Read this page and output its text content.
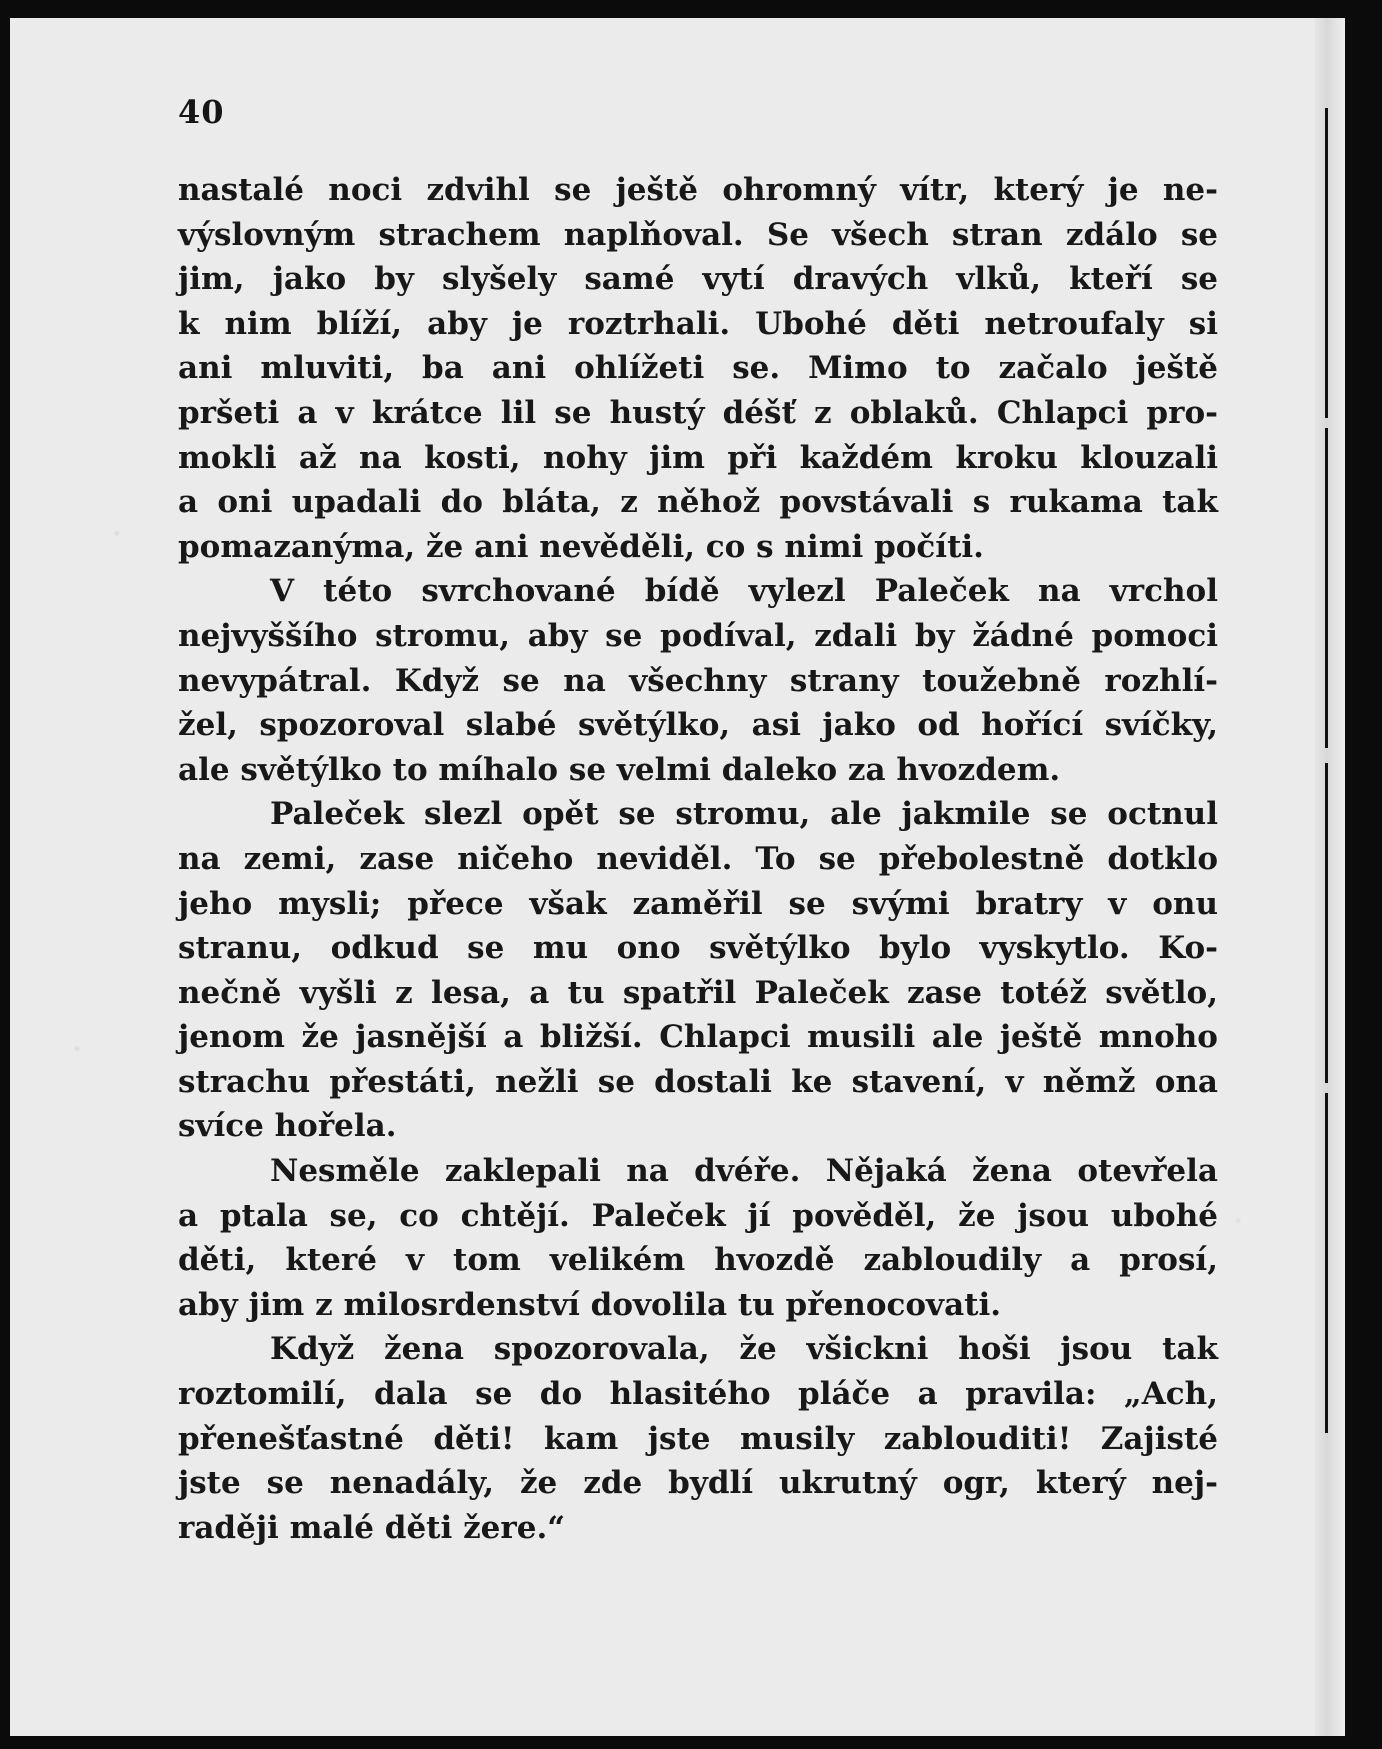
40

nastalé noci zdvihl se ještě ohromný vítr, který je ne-
výslovným strachem naplňoval. Se všech stran zdálo se
jim, jako by slyšely samé vytí dravých vlků, kteří se
k nim blíží, aby je roztrhali. Ubohé děti netroufaly si
ani mluviti, ba ani ohlížeti se. Mimo to začalo ještě
pršeti a v krátce lil se hustý déšť z oblaků. Chlapci pro-
mokli až na kosti, nohy jim při každém kroku klouzali
a oni upadali do bláta, z něhož povstávali s rukama tak
pomazanýma, že ani nevěděli, co s nimi počíti.

V této svrchované bídě vylezl Paleček na vrchol
nejvyššího stromu, aby se podíval, zdali by žádné pomoci
nevypátral. Když se na všechny strany toužebně rozhlí-
žel, spozoroval slabé světýlko, asi jako od hořící svíčky,
ale světýlko to míhalo se velmi daleko za hvozdem.

Paleček slezl opět se stromu, ale jakmile se octnul
na zemi, zase ničeho neviděl. To se přebolestně dotklo
jeho mysli; přece však zaměřil se svými bratry v onu
stranu, odkud se mu ono světýlko bylo vyskytlo. Ko-
nečně vyšli z lesa, a tu spatřil Paleček zase totéž světlo,
jenom že jasnější a bližší. Chlapci musili ale ještě mnoho
strachu přestáti, nežli se dostali ke stavení, v němž ona
svíce hořela.

Nesměle zaklepali na dvéře. Nějaká žena otevřela
a ptala se, co chtějí. Paleček jí pověděl, že jsou ubohé
děti, které v tom velikém hvozdě zabloudily a prosí,
aby jim z milosrdenství dovolila tu přenocovati.

Když žena spozorovala, že všickni hoši jsou tak
roztomilí, dala se do hlasitého pláče a pravila: „Ach,
přenešťastné děti! kam jste musily zablouditi! Zajisté
jste se nenadály, že zde bydlí ukrutný ogr, který nej-
raději malé děti žere.“
